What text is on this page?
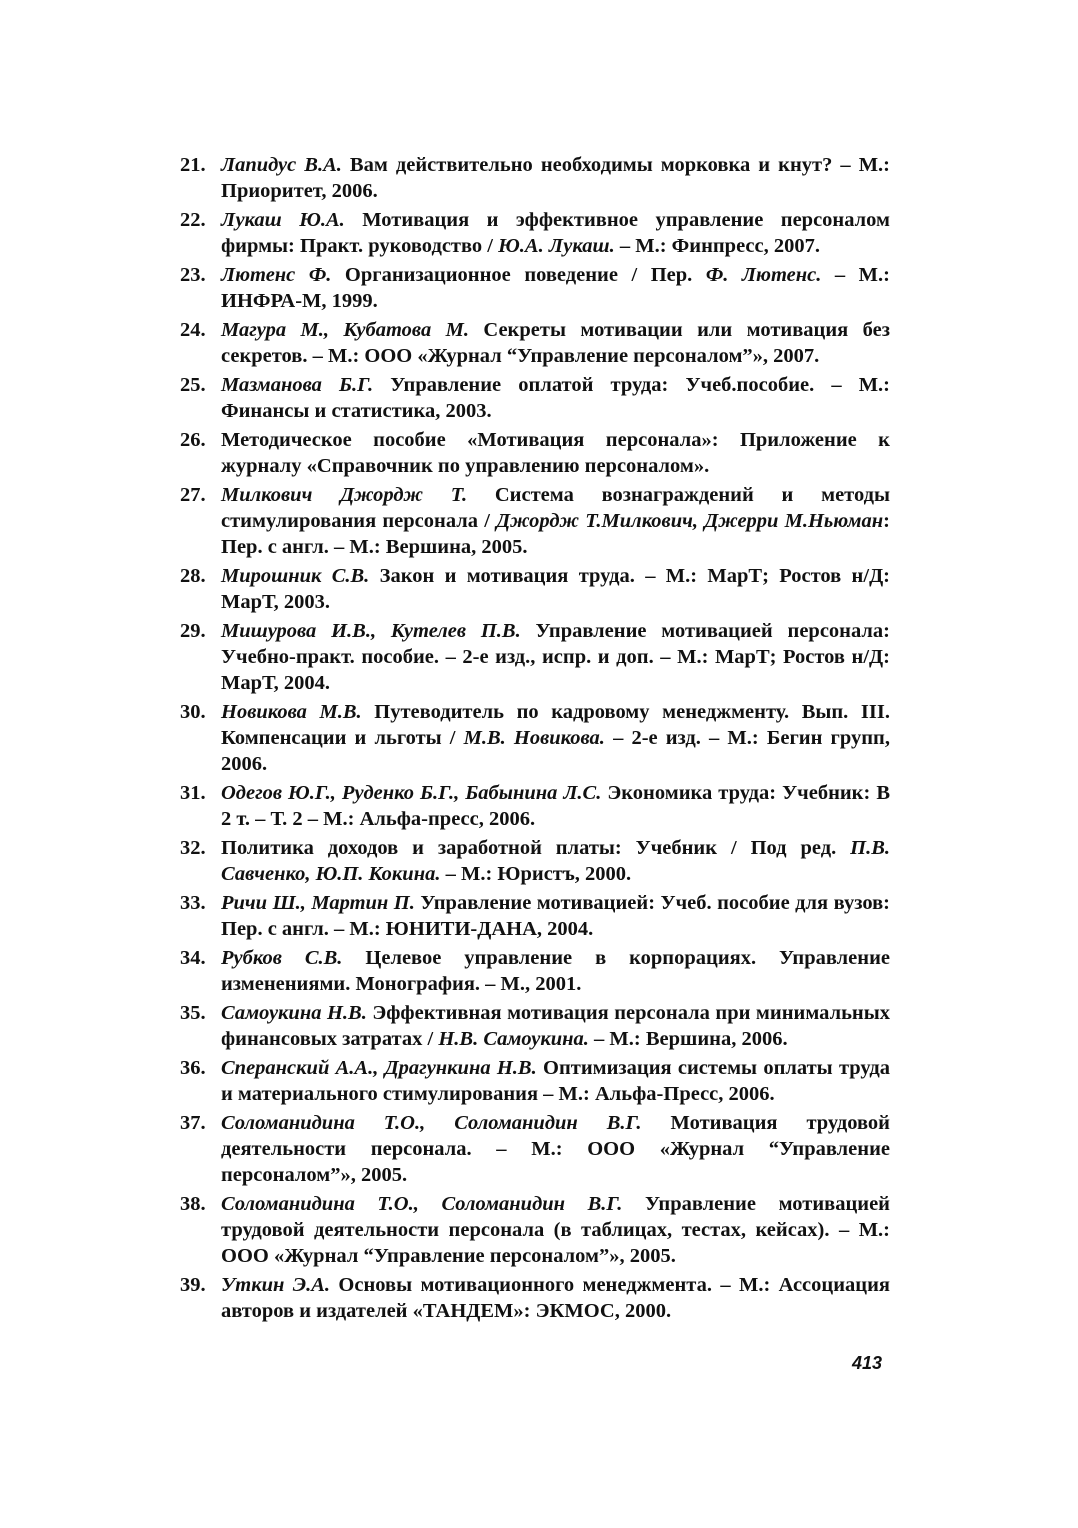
21. Лапидус В.А. Вам действительно необходимы морковка и кнут? – М.: Приоритет, 2006.
22. Лукаш Ю.А. Мотивация и эффективное управление персоналом фирмы: Практ. руководство / Ю.А. Лукаш. – М.: Финпресс, 2007.
23. Лютенс Ф. Организационное поведение / Пер. Ф. Лютенс. – М.: ИНФРА-М, 1999.
24. Магура М., Кубатова М. Секреты мотивации или мотивация без секретов. – М.: ООО «Журнал “Управление персоналом”», 2007.
25. Мазманова Б.Г. Управление оплатой труда: Учеб.пособие. – М.: Финансы и статистика, 2003.
26. Методическое пособие «Мотивация персонала»: Приложение к журналу «Справочник по управлению персоналом».
27. Милкович Джордж Т. Система вознаграждений и методы стимулирования персонала / Джордж Т.Милкович, Джерри М.Ньюман: Пер. с англ. – М.: Вершина, 2005.
28. Мирошник С.В. Закон и мотивация труда. – М.: МарТ; Ростов н/Д: МарТ, 2003.
29. Мишурова И.В., Кутелев П.В. Управление мотивацией персонала: Учебно-практ. пособие. – 2-е изд., испр. и доп. – М.: МарТ; Ростов н/Д: МарТ, 2004.
30. Новикова М.В. Путеводитель по кадровому менеджменту. Вып. III. Компенсации и льготы / М.В. Новикова. – 2-е изд. – М.: Бегин групп, 2006.
31. Одегов Ю.Г., Руденко Б.Г., Бабынина Л.С. Экономика труда: Учебник: В 2 т. – Т. 2 – М.: Альфа-пресс, 2006.
32. Политика доходов и заработной платы: Учебник / Под ред. П.В. Савченко, Ю.П. Кокина. – М.: Юристъ, 2000.
33. Ричи Ш., Мартин П. Управление мотивацией: Учеб. пособие для вузов: Пер. с англ. – М.: ЮНИТИ-ДАНА, 2004.
34. Рубков С.В. Целевое управление в корпорациях. Управление изменениями. Монография. – М., 2001.
35. Самоукина Н.В. Эффективная мотивация персонала при минимальных финансовых затратах / Н.В. Самоукина. – М.: Вершина, 2006.
36. Сперанский А.А., Драгункина Н.В. Оптимизация системы оплаты труда и материального стимулирования – М.: Альфа-Пресс, 2006.
37. Соломанидина Т.О., Соломанидин В.Г. Мотивация трудовой деятельности персонала. – М.: ООО «Журнал “Управление персоналом”», 2005.
38. Соломанидина Т.О., Соломанидин В.Г. Управление мотивацией трудовой деятельности персонала (в таблицах, тестах, кейсах). – М.: ООО «Журнал “Управление персоналом”», 2005.
39. Уткин Э.А. Основы мотивационного менеджмента. – М.: Ассоциация авторов и издателей «ТАНДЕМ»: ЭКМОС, 2000.
413
